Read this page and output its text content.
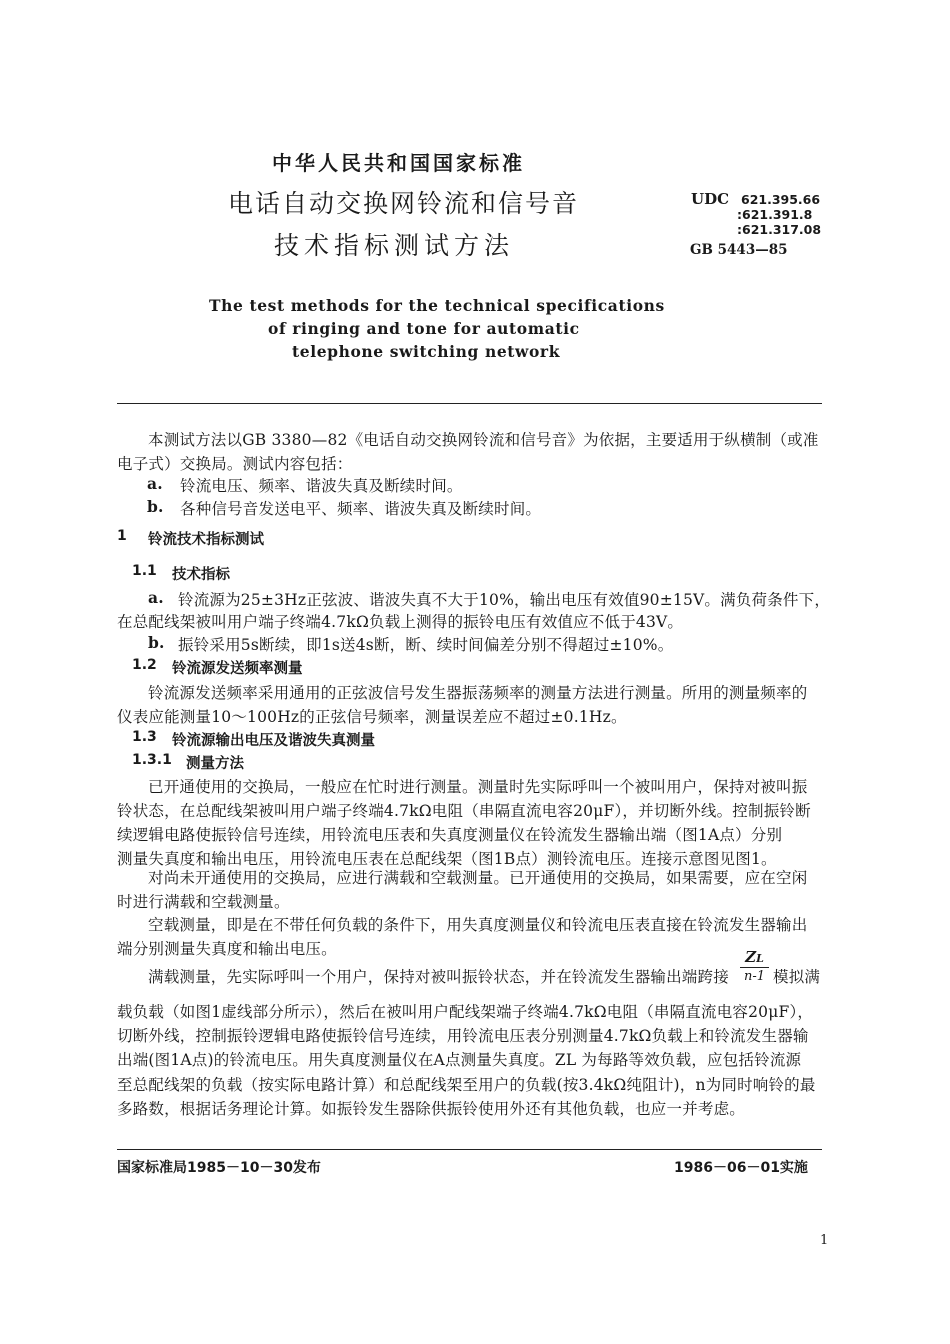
中华人民共和国国家标准
电话自动交换网铃流和信号音
技术指标测试方法
UDC 621.395.66
:621.391.8
:621.317.08
GB 5443—85
The test methods for the technical specifications
of ringing and tone for automatic
telephone switching network
本测试方法以GB 3380—82《电话自动交换网铃流和信号音》为依据，主要适用于纵横制（或准
电子式）交换局。测试内容包括：
a. 铃流电压、频率、谐波失真及断续时间。
b. 各种信号音发送电平、频率、谐波失真及断续时间。
1 铃流技术指标测试
1.1 技术指标
a. 铃流源为25±3Hz正弦波、谐波失真不大于10%，输出电压有效值90±15V。满负荷条件下，
在总配线架被叫用户端子终端4.7kΩ负载上测得的振铃电压有效值应不低于43V。
b. 振铃采用5s断续，即1s送4s断，断、续时间偏差分别不得超过±10%。
1.2 铃流源发送频率测量
铃流源发送频率采用通用的正弦波信号发生器振荡频率的测量方法进行测量。所用的测量频率的
仪表应能测量10～100Hz的正弦信号频率，测量误差应不超过±0.1Hz。
1.3 铃流源输出电压及谐波失真测量
1.3.1 测量方法
已开通使用的交换局，一般应在忙时进行测量。测量时先实际呼叫一个被叫用户，保持对被叫振
铃状态，在总配线架被叫用户端子终端4.7kΩ电阻（串隔直流电容20μF），并切断外线。控制振铃断
续逻辑电路使振铃信号连续，用铃流电压表和失真度测量仪在铃流发生器输出端（图1A点）分别
测量失真度和输出电压，用铃流电压表在总配线架（图1B点）测铃流电压。连接示意图见图1。
对尚未开通使用的交换局，应进行满载和空载测量。已开通使用的交换局，如果需要，应在空闲
时进行满载和空载测量。
空载测量，即是在不带任何负载的条件下，用失真度测量仪和铃流电压表直接在铃流发生器输出
端分别测量失真度和输出电压。
满载测量，先实际呼叫一个用户，保持对被叫振铃状态，并在铃流发生器输出端跨接 $\frac{ZL}{n-1}$ 模拟满
载负载（如图1虚线部分所示），然后在被叫用户配线架端子终端4.7kΩ电阻（串隔直流电容20μF），
切断外线，控制振铃逻辑电路使振铃信号连续，用铃流电压表分别测量4.7kΩ负载上和铃流发生器输
出端(图1A点)的铃流电压。用失真度测量仪在A点测量失真度。ZL 为每路等效负载，应包括铃流源
至总配线架的负载（按实际电路计算）和总配线架至用户的负载(按3.4kΩ纯阻计)，n为同时响铃的最
多路数，根据话务理论计算。如振铃发生器除供振铃使用外还有其他负载，也应一并考虑。
国家标准局1985－10－30发布	1986－06－01实施
1
